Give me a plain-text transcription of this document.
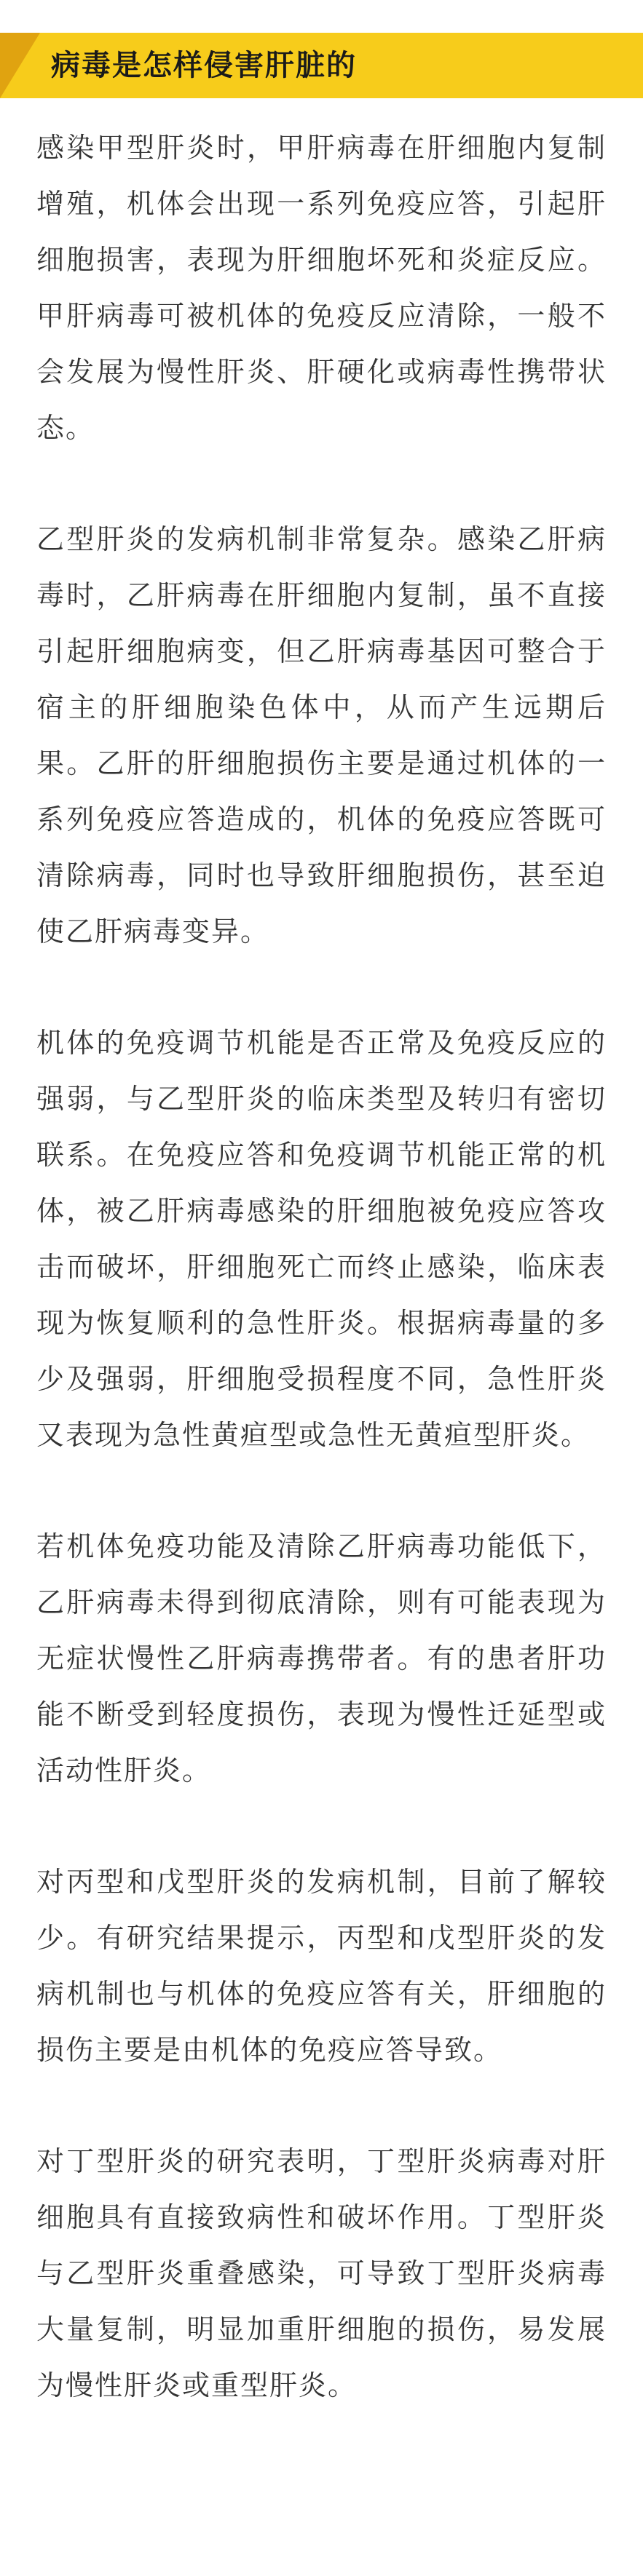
病毒是怎样侵害肝脏的

感染甲型肝炎时，甲肝病毒在肝细胞内复制增殖，机体会出现一系列免疫应答，引起肝细胞损害，表现为肝细胞坏死和炎症反应。甲肝病毒可被机体的免疫反应清除，一般不会发展为慢性肝炎、肝硬化或病毒性携带状态。

乙型肝炎的发病机制非常复杂。感染乙肝病毒时，乙肝病毒在肝细胞内复制，虽不直接引起肝细胞病变，但乙肝病毒基因可整合于宿主的肝细胞染色体中，从而产生远期后果。乙肝的肝细胞损伤主要是通过机体的一系列免疫应答造成的，机体的免疫应答既可清除病毒，同时也导致肝细胞损伤，甚至迫使乙肝病毒变异。

机体的免疫调节机能是否正常及免疫反应的强弱，与乙型肝炎的临床类型及转归有密切联系。在免疫应答和免疫调节机能正常的机体，被乙肝病毒感染的肝细胞被免疫应答攻击而破坏，肝细胞死亡而终止感染，临床表现为恢复顺利的急性肝炎。根据病毒量的多少及强弱，肝细胞受损程度不同，急性肝炎又表现为急性黄疸型或急性无黄疸型肝炎。

若机体免疫功能及清除乙肝病毒功能低下，乙肝病毒未得到彻底清除，则有可能表现为无症状慢性乙肝病毒携带者。有的患者肝功能不断受到轻度损伤，表现为慢性迁延型或活动性肝炎。

对丙型和戊型肝炎的发病机制，目前了解较少。有研究结果提示，丙型和戊型肝炎的发病机制也与机体的免疫应答有关，肝细胞的损伤主要是由机体的免疫应答导致。

对丁型肝炎的研究表明，丁型肝炎病毒对肝细胞具有直接致病性和破坏作用。丁型肝炎与乙型肝炎重叠感染，可导致丁型肝炎病毒大量复制，明显加重肝细胞的损伤，易发展为慢性肝炎或重型肝炎。
